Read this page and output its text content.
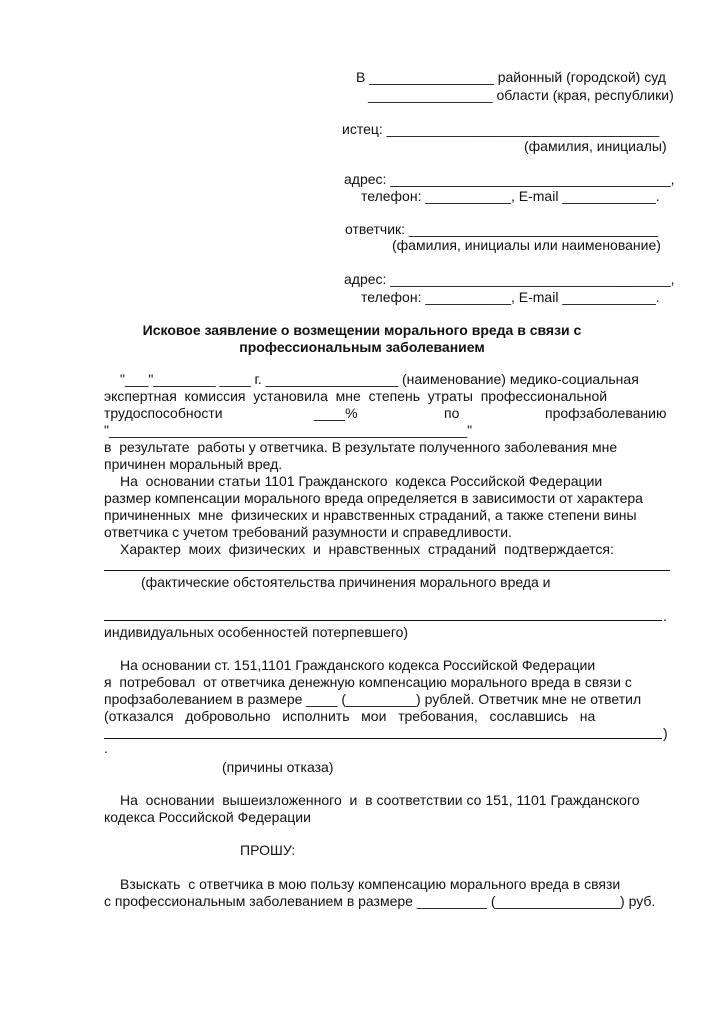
В ________________ районный (городской) суд
________________ области (края, республики)
истец: ___________________________________
(фамилия, инициалы)
адрес: ____________________________________,
телефон: ___________, E-mail ____________.
ответчик: ________________________________
(фамилия, инициалы или наименование)
адрес: ____________________________________,
телефон: ___________, E-mail ____________.
Исковое заявление о возмещении морального вреда в связи с
профессиональным заболеванием
"___"________ ____ г. _________________ (наименование) медико-социальная
экспертная  комиссия  установила  мне  степень  утраты  профессиональной
трудоспособности	____%	по	профзаболеванию
"______________________________________________"
в  результате  работы у ответчика. В результате полученного заболевания мне
причинен моральный вред.
На  основании статьи 1101 Гражданского  кодекса Российской Федерации
размер компенсации морального вреда определяется в зависимости от характера
причиненных  мне  физических и нравственных страданий, а также степени вины
ответчика с учетом требований разумности и справедливости.
Характер  моих  физических  и  нравственных  страданий  подтверждается:
(фактические обстоятельства причинения морального вреда и
.
индивидуальных особенностей потерпевшего)
На основании ст. 151,1101 Гражданского кодекса Российской Федерации
я  потребовал  от ответчика денежную компенсацию морального вреда в связи с
профзаболеванием в размере ____ (_________) рублей. Ответчик мне не ответил
(отказался   добровольно   исполнить   мои   требования,   сославшись   на
)
.
(причины отказа)
На  основании  вышеизложенного  и  в соответствии со 151, 1101 Гражданского
кодекса Российской Федерации
ПРОШУ:
Взыскать  с ответчика в мою пользу компенсацию морального вреда в связи
с профессиональным заболеванием в размере _________ (________________) руб.
